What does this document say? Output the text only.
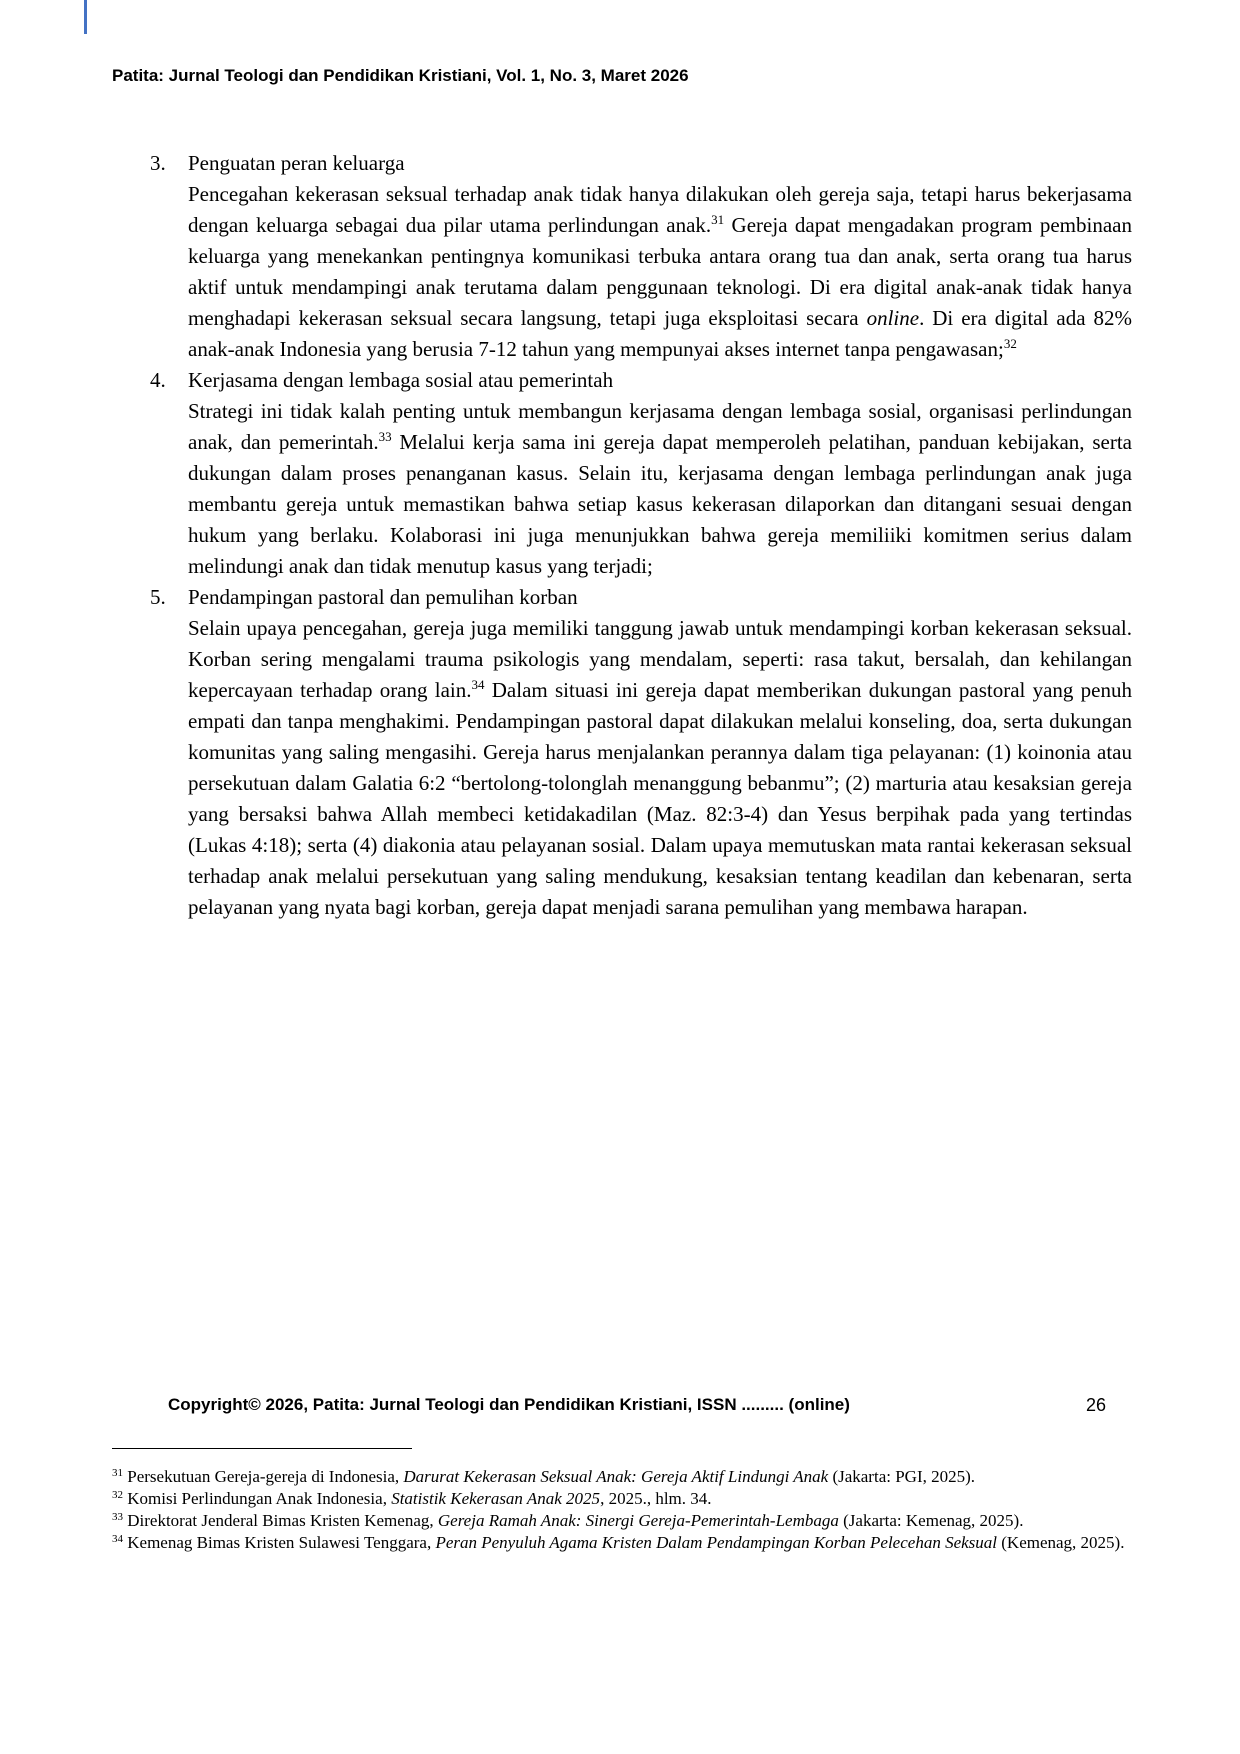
Patita: Jurnal Teologi dan Pendidikan Kristiani, Vol. 1, No. 3, Maret 2026
3. Penguatan peran keluarga
Pencegahan kekerasan seksual terhadap anak tidak hanya dilakukan oleh gereja saja, tetapi harus bekerjasama dengan keluarga sebagai dua pilar utama perlindungan anak.$^{31}$ Gereja dapat mengadakan program pembinaan keluarga yang menekankan pentingnya komunikasi terbuka antara orang tua dan anak, serta orang tua harus aktif untuk mendampingi anak terutama dalam penggunaan teknologi. Di era digital anak-anak tidak hanya menghadapi kekerasan seksual secara langsung, tetapi juga eksploitasi secara online. Di era digital ada 82% anak-anak Indonesia yang berusia 7-12 tahun yang mempunyai akses internet tanpa pengawasan;$^{32}$
4. Kerjasama dengan lembaga sosial atau pemerintah
Strategi ini tidak kalah penting untuk membangun kerjasama dengan lembaga sosial, organisasi perlindungan anak, dan pemerintah.$^{33}$ Melalui kerja sama ini gereja dapat memperoleh pelatihan, panduan kebijakan, serta dukungan dalam proses penanganan kasus. Selain itu, kerjasama dengan lembaga perlindungan anak juga membantu gereja untuk memastikan bahwa setiap kasus kekerasan dilaporkan dan ditangani sesuai dengan hukum yang berlaku. Kolaborasi ini juga menunjukkan bahwa gereja memiliiki komitmen serius dalam melindungi anak dan tidak menutup kasus yang terjadi;
5. Pendampingan pastoral dan pemulihan korban
Selain upaya pencegahan, gereja juga memiliki tanggung jawab untuk mendampingi korban kekerasan seksual. Korban sering mengalami trauma psikologis yang mendalam, seperti: rasa takut, bersalah, dan kehilangan kepercayaan terhadap orang lain.$^{34}$ Dalam situasi ini gereja dapat memberikan dukungan pastoral yang penuh empati dan tanpa menghakimi. Pendampingan pastoral dapat dilakukan melalui konseling, doa, serta dukungan komunitas yang saling mengasihi. Gereja harus menjalankan perannya dalam tiga pelayanan: (1) koinonia atau persekutuan dalam Galatia 6:2 “bertolong-tolonglah menanggung bebanmu”; (2) marturia atau kesaksian gereja yang bersaksi bahwa Allah membeci ketidakadilan (Maz. 82:3-4) dan Yesus berpihak pada yang tertindas (Lukas 4:18); serta (4) diakonia atau pelayanan sosial. Dalam upaya memutuskan mata rantai kekerasan seksual terhadap anak melalui persekutuan yang saling mendukung, kesaksian tentang keadilan dan kebenaran, serta pelayanan yang nyata bagi korban, gereja dapat menjadi sarana pemulihan yang membawa harapan.
Copyright© 2026, Patita: Jurnal Teologi dan Pendidikan Kristiani, ISSN ......... (online)	26
$^{31}$ Persekutuan Gereja-gereja di Indonesia, Darurat Kekerasan Seksual Anak: Gereja Aktif Lindungi Anak (Jakarta: PGI, 2025).
$^{32}$ Komisi Perlindungan Anak Indonesia, Statistik Kekerasan Anak 2025, 2025., hlm. 34.
$^{33}$ Direktorat Jenderal Bimas Kristen Kemenag, Gereja Ramah Anak: Sinergi Gereja-Pemerintah-Lembaga (Jakarta: Kemenag, 2025).
$^{34}$ Kemenag Bimas Kristen Sulawesi Tenggara, Peran Penyuluh Agama Kristen Dalam Pendampingan Korban Pelecehan Seksual (Kemenag, 2025).
